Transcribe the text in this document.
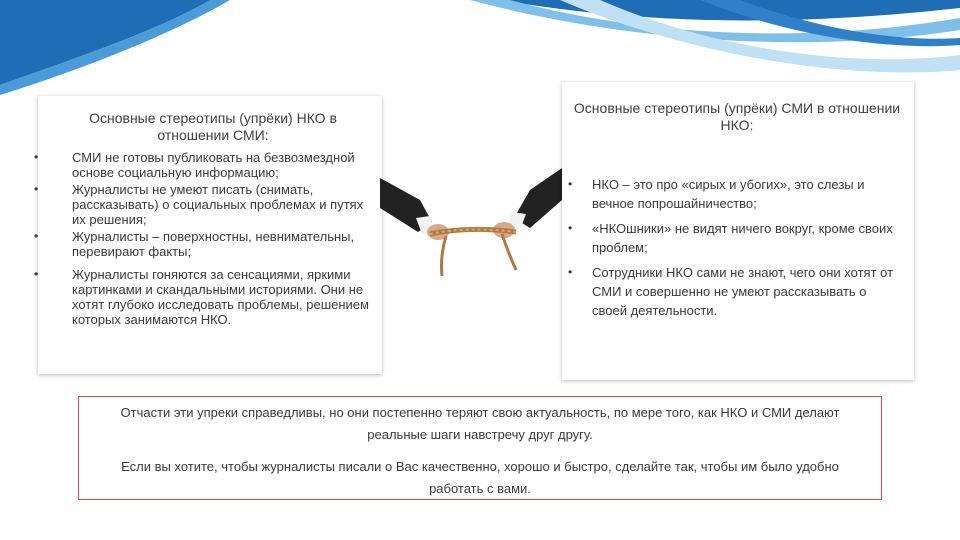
Основные стереотипы (упрёки) НКО в отношении СМИ:
•	СМИ не готовы публиковать на безвозмездной основе социальную информацию;
•	Журналисты не умеют писать (снимать, рассказывать) о социальных проблемах и путях их решения;
•	Журналисты – поверхностны, невнимательны, перевирают факты;
•	Журналисты гоняются за сенсациями, яркими картинками и скандальными историями. Они не хотят глубоко исследовать проблемы, решением которых занимаются НКО.
Основные стереотипы (упрёки) СМИ в отношении НКО:
• НКО – это про «сирых и убогих», это слезы и вечное попрошайничество;
• «НКОшники» не видят ничего вокруг, кроме своих проблем;
• Сотрудники НКО сами не знают, чего они хотят от СМИ и совершенно не умеют рассказывать о своей деятельности.

Отчасти эти упреки справедливы, но они постепенно теряют свою актуальность, по мере того, как НКО и СМИ делают реальные шаги навстречу друг другу.

Если вы хотите, чтобы журналисты писали о Вас качественно, хорошо и быстро, сделайте так, чтобы им было удобно работать с вами.
